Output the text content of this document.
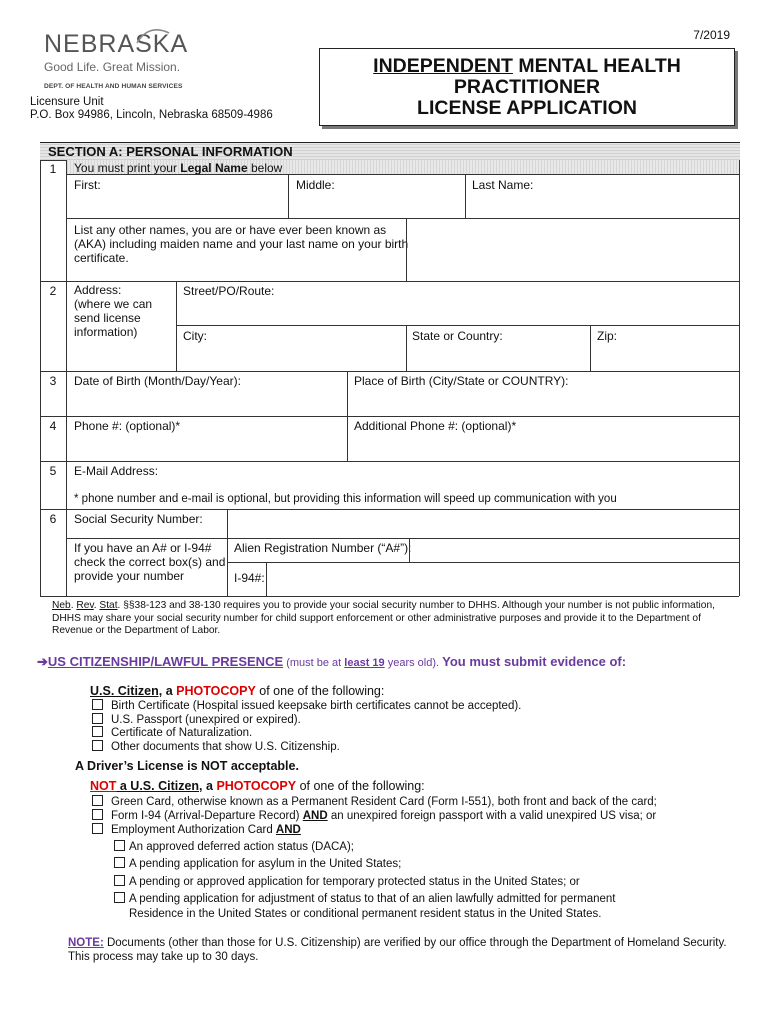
NEBRASKA
Good Life. Great Mission.
DEPT. OF HEALTH AND HUMAN SERVICES
Licensure Unit
P.O. Box 94986, Lincoln, Nebraska 68509-4986
7/2019
INDEPENDENT MENTAL HEALTH
PRACTITIONER
LICENSE APPLICATION
SECTION A: PERSONAL INFORMATION
1	You must print your Legal Name below
First:	Middle:	Last Name:
List any other names, you are or have ever been known as
(AKA) including maiden name and your last name on your birth
certificate.
2	Address:
(where we can
send license
information)
Street/PO/Route:
City:	State or Country:	Zip:
3	Date of Birth (Month/Day/Year):	Place of Birth (City/State or COUNTRY):
4	Phone #: (optional)*	Additional Phone #: (optional)*
5	E-Mail Address:
* phone number and e-mail is optional, but providing this information will speed up communication with you
6	Social Security Number:
If you have an A# or I-94#
check the correct box(s) and
provide your number
Alien Registration Number (“A#”):
I-94#:
Neb. Rev. Stat. §§38-123 and 38-130 requires you to provide your social security number to DHHS. Although your number is not public information,
DHHS may share your social security number for child support enforcement or other administrative purposes and provide it to the Department of
Revenue or the Department of Labor.
➔US CITIZENSHIP/LAWFUL PRESENCE (must be at least 19 years old). You must submit evidence of:
U.S. Citizen, a PHOTOCOPY of one of the following:
Birth Certificate (Hospital issued keepsake birth certificates cannot be accepted).
U.S. Passport (unexpired or expired).
Certificate of Naturalization.
Other documents that show U.S. Citizenship.
A Driver’s License is NOT acceptable.
NOT a U.S. Citizen, a PHOTOCOPY of one of the following:
Green Card, otherwise known as a Permanent Resident Card (Form I-551), both front and back of the card;
Form I-94 (Arrival-Departure Record) AND an unexpired foreign passport with a valid unexpired US visa; or
Employment Authorization Card AND
An approved deferred action status (DACA);
A pending application for asylum in the United States;
A pending or approved application for temporary protected status in the United States; or
A pending application for adjustment of status to that of an alien lawfully admitted for permanent
Residence in the United States or conditional permanent resident status in the United States.
NOTE: Documents (other than those for U.S. Citizenship) are verified by our office through the Department of Homeland Security.
This process may take up to 30 days.
